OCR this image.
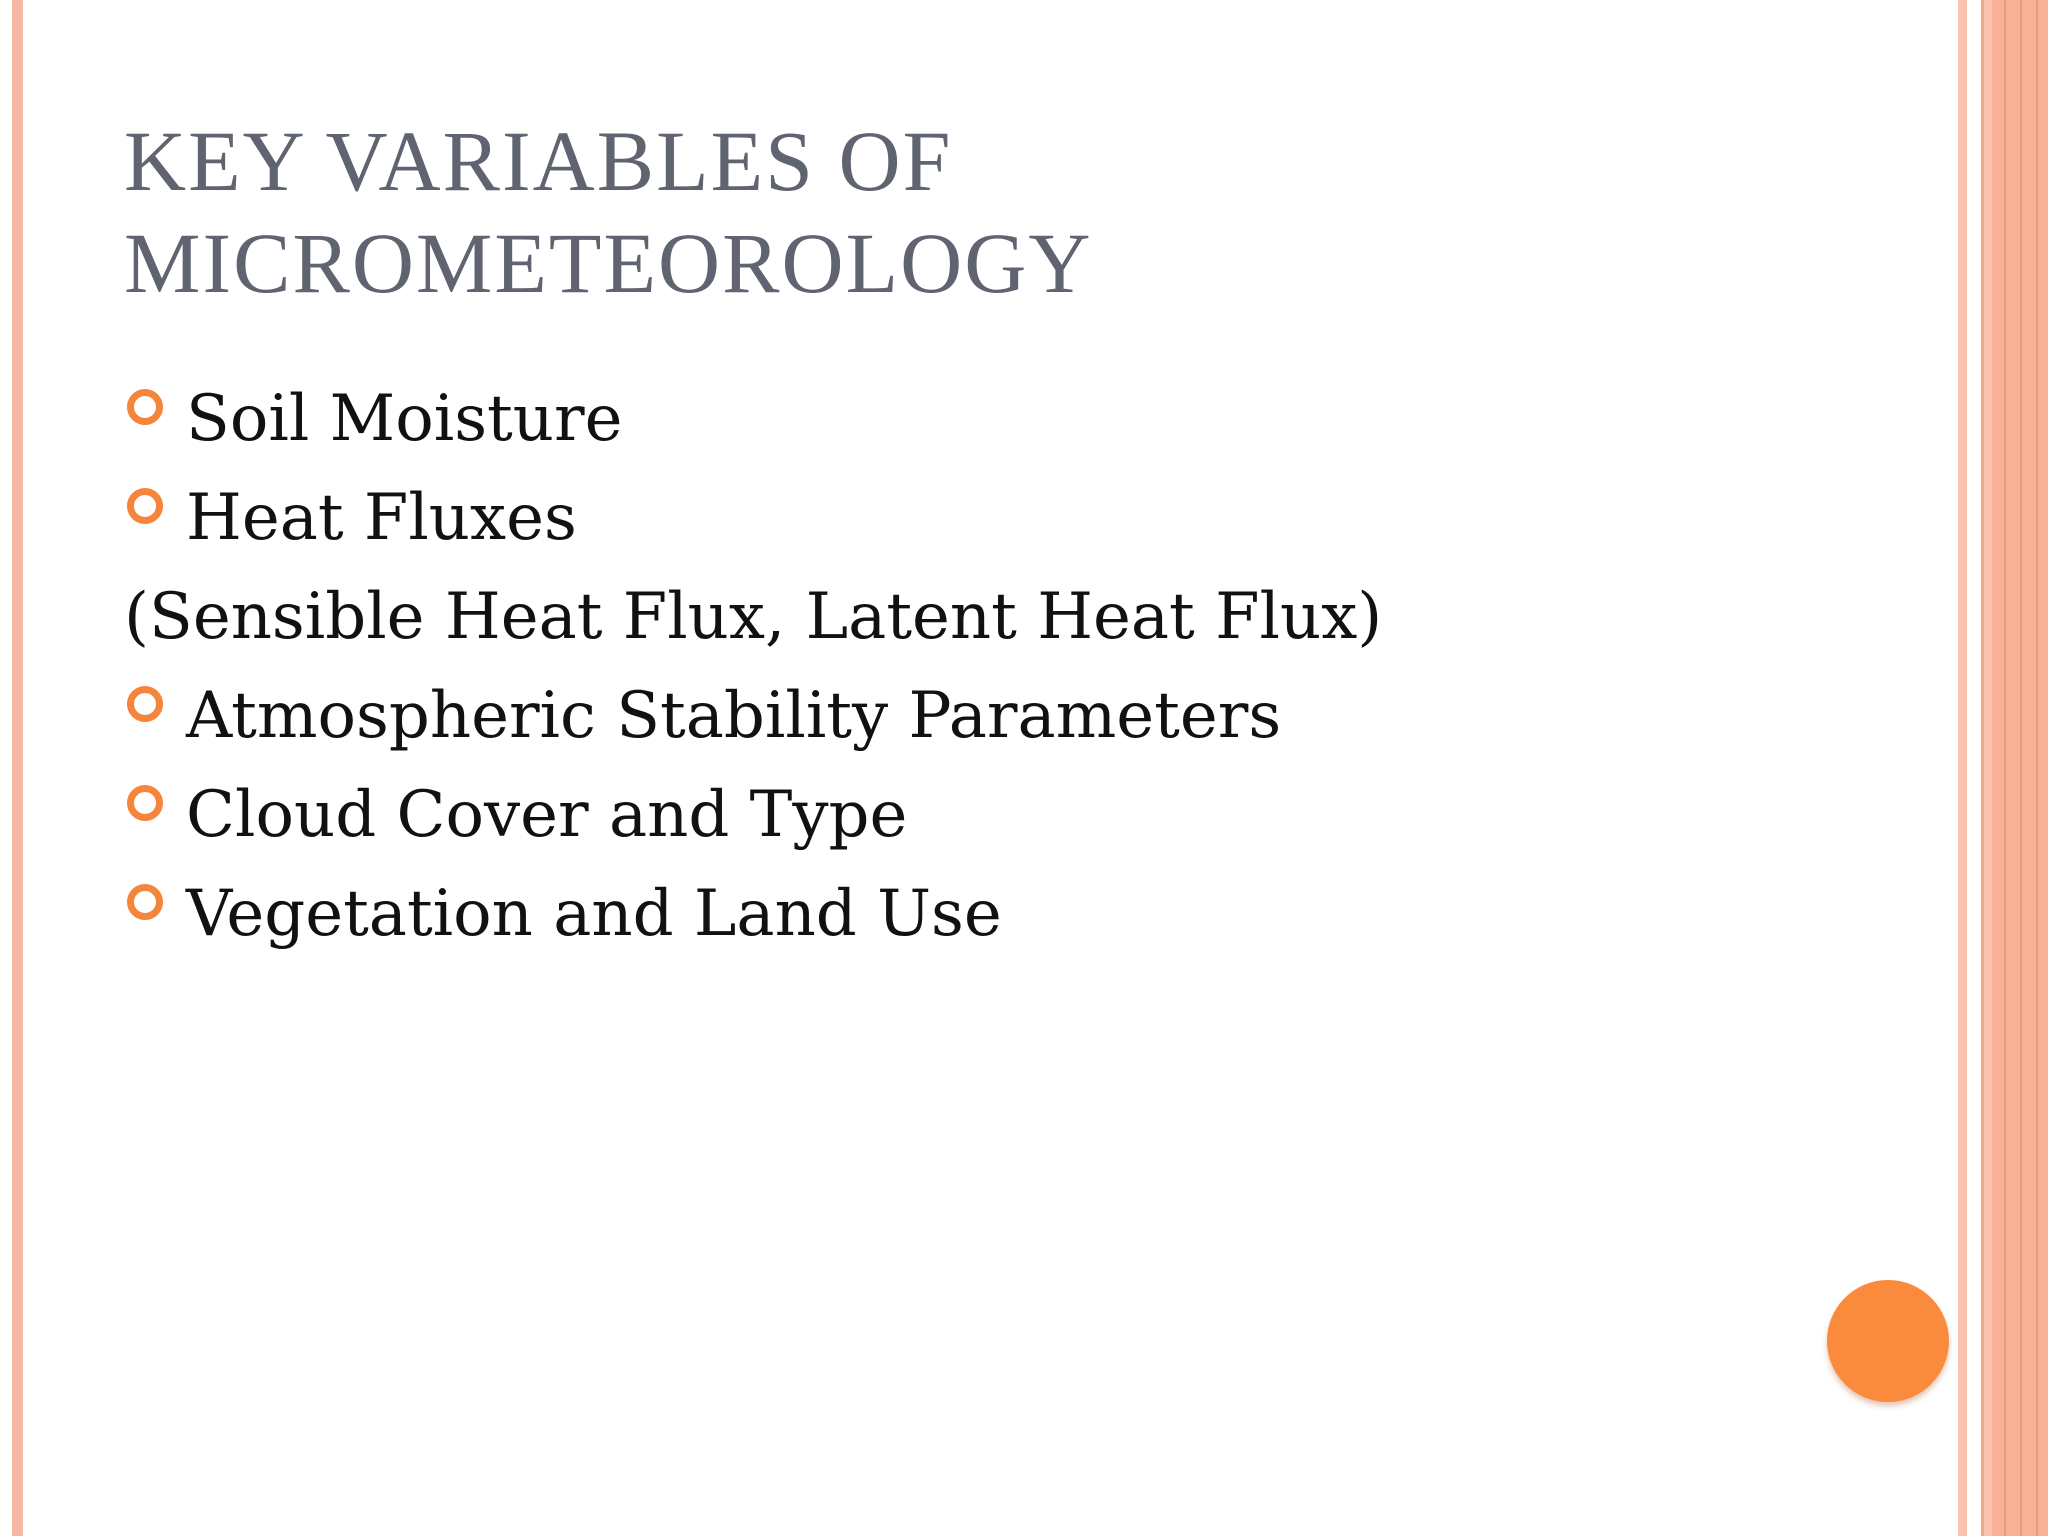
KEY VARIABLES OF
MICROMETEOROLOGY
Soil Moisture
Heat Fluxes
(Sensible Heat Flux, Latent Heat Flux)
Atmospheric Stability Parameters
Cloud Cover and Type
Vegetation and Land Use
